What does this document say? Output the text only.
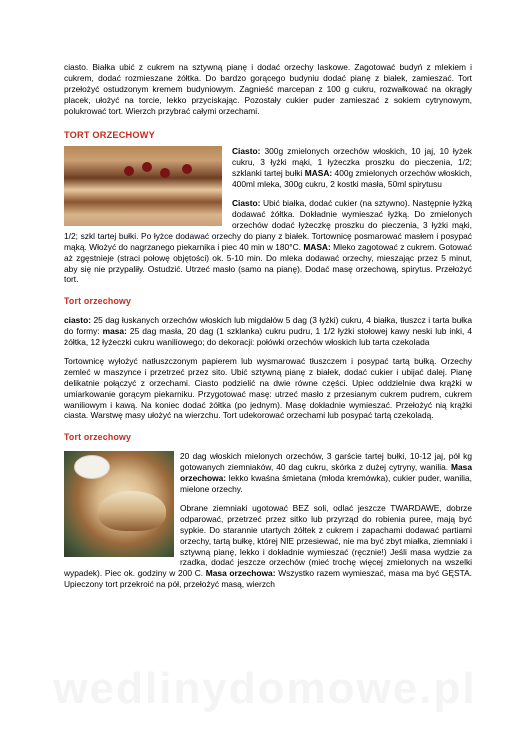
ciasto. Białka ubić z cukrem na sztywną pianę i dodać orzechy laskowe. Zagotować budyń z mlekiem i cukrem, dodać rozmieszane żółtka. Do bardzo gorącego budyniu dodać pianę z białek, zamieszać. Tort przełożyć ostudzonym kremem budyniowym. Zagnieść marcepan z 100 g cukru, rozwałkować na okrągły placek, ułożyć na torcie, lekko przyciskając. Pozostały cukier puder zamieszać z sokiem cytrynowym, polukrować tort. Wierzch przybrać całymi orzechami.

TORT ORZECHOWY

Ciasto: 300g zmielonych orzechów włoskich, 10 jaj, 10 łyżek cukru, 3 łyżki mąki, 1 łyżeczka proszku do pieczenia, 1/2; szklanki tartej bułki MASA: 400g zmielonych orzechów włoskich, 400ml mleka, 300g cukru, 2 kostki masła, 50ml spirytusu

Ciasto: Ubić białka, dodać cukier (na sztywno). Następnie łyżką dodawać żółtka. Dokładnie wymieszać łyżką. Do zmielonych orzechów dodać łyżeczkę proszku do pieczenia, 3 łyżki mąki, 1/2; szkl tartej bułki. Po łyżce dodawać orzechy do piany z białek. Tortownicę posmarować masłem i posypać mąką. Włożyć do nagrzanego piekarnika i piec 40 min w 180°C. MASA: Mleko zagotować z cukrem. Gotować aż zgęstnieje (straci połowę objętości) ok. 5-10 min. Do mleka dodawać orzechy, mieszając przez 5 minut, aby się nie przypaliły. Ostudzić. Utrzeć masło (samo na pianę). Dodać masę orzechową, spirytus. Przełożyć tort.

Tort orzechowy

ciasto: 25 dag łuskanych orzechów włoskich lub migdałów 5 dag (3 łyżki) cukru, 4 białka, tłuszcz i tarta bułka do formy: masa: 25 dag masła, 20 dag (1 szklanka) cukru pudru, 1 1/2 łyżki stołowej kawy neski lub inki, 4 żółtka, 12 łyżeczki cukru waniliowego; do dekoracji: połówki orzechów włoskich lub tarta czekolada

Tortownicę wyłożyć natłuszczonym papierem lub wysmarować tłuszczem i posypać tartą bułką. Orzechy zemleć w maszynce i przetrzeć przez sito. Ubić sztywną pianę z białek, dodać cukier i ubijać dalej. Pianę delikatnie połączyć z orzechami. Ciasto podzielić na dwie równe części. Upiec oddzielnie dwa krążki w umiarkowanie gorącym piekarniku. Przygotować masę: utrzeć masło z przesianym cukrem pudrem, cukrem waniliowym i kawą. Na koniec dodać żółtka (po jednym). Masę dokładnie wymieszać. Przełożyć nią krążki ciasta. Warstwę masy ułożyć na wierzchu. Tort udekorować orzechami lub posypać tartą czekoladą.

Tort orzechowy

20 dag włoskich mielonych orzechów, 3 garście tartej bułki, 10-12 jaj, pół kg gotowanych ziemniaków, 40 dag cukru, skórka z dużej cytryny, wanilia. Masa orzechowa: lekko kwaśna śmietana (młoda kremówka), cukier puder, wanilia, mielone orzechy.

Obrane ziemniaki ugotować BEZ soli, odlać jeszcze TWARDAWE, dobrze odparować, przetrzeć przez sitko lub przyrząd do robienia puree, mają być sypkie. Do starannie utartych żółtek z cukrem i zapachami dodawać partiami orzechy, tartą bułkę, której NIE przesiewać, nie ma być zbyt miałka, ziemniaki i sztywną pianę, lekko i dokładnie wymieszać (ręcznie!) Jeśli masa wydzie za rzadka, dodać jeszcze orzechów (mieć trochę więcej zmielonych na wszelki wypadek). Piec ok. godziny w 200 C. Masa orzechowa: Wszystko razem wymieszać, masa ma być GĘSTA. Upieczony tort przekroić na pół, przełożyć masą, wierzch

wedlinydomowe.pl
